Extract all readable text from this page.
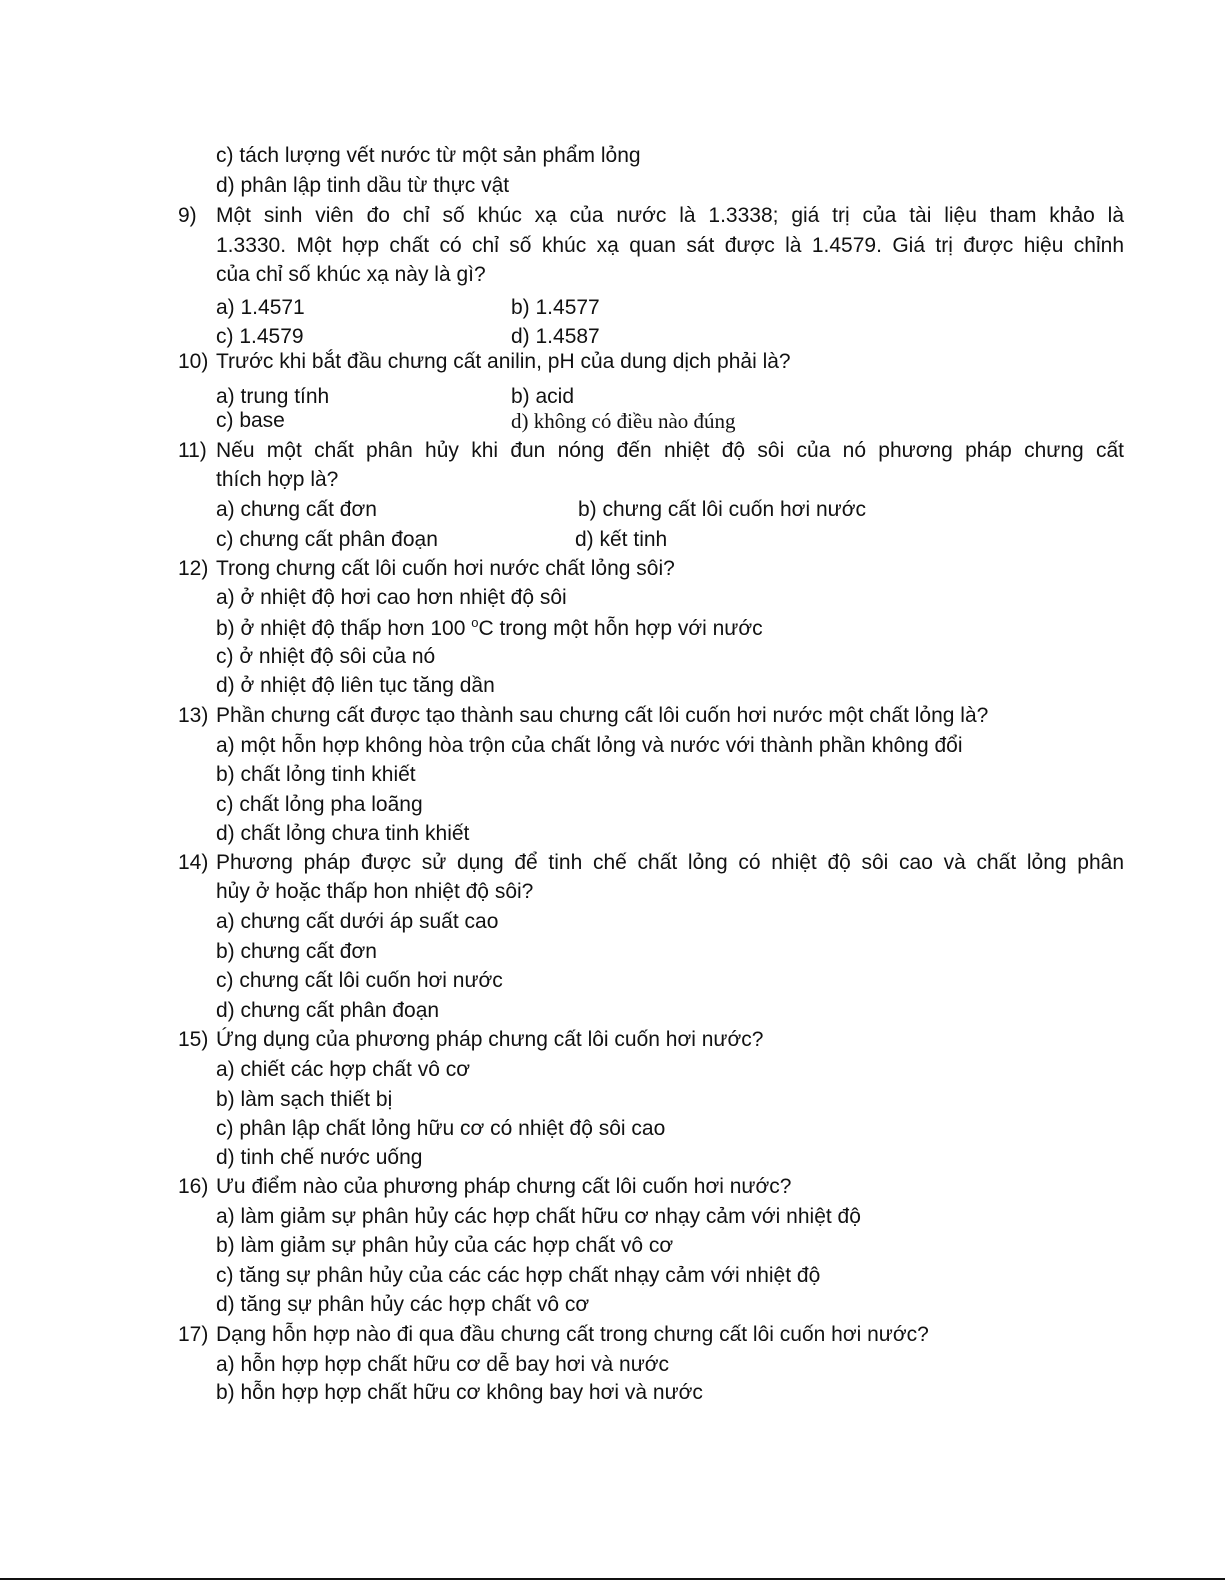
c) tách lượng vết nước từ một sản phẩm lỏng
d) phân lập tinh dầu từ thực vật
9) Một sinh viên đo chỉ số khúc xạ của nước là 1.3338; giá trị của tài liệu tham khảo là
1.3330. Một hợp chất có chỉ số khúc xạ quan sát được là 1.4579. Giá trị được hiệu chỉnh
của chỉ số khúc xạ này là gì?
a) 1.4571	b) 1.4577
c) 1.4579	d) 1.4587
10) Trước khi bắt đầu chưng cất anilin, pH của dung dịch phải là?
a) trung tính	b) acid
c) base	d) không có điều nào đúng
11) Nếu một chất phân hủy khi đun nóng đến nhiệt độ sôi của nó phương pháp chưng cất
thích hợp là?
a) chưng cất đơn	b) chưng cất lôi cuốn hơi nước
c) chưng cất phân đoạn	d) kết tinh
12) Trong chưng cất lôi cuốn hơi nước chất lỏng sôi?
a) ở nhiệt độ hơi cao hơn nhiệt độ sôi
b) ở nhiệt độ thấp hơn 100 $^o$C trong một hỗn hợp với nước
c) ở nhiệt độ sôi của nó
d) ở nhiệt độ liên tục tăng dần
13) Phần chưng cất được tạo thành sau chưng cất lôi cuốn hơi nước một chất lỏng là?
a) một hỗn hợp không hòa trộn của chất lỏng và nước với thành phần không đổi
b) chất lỏng tinh khiết
c) chất lỏng pha loãng
d) chất lỏng chưa tinh khiết
14) Phương pháp được sử dụng để tinh chế chất lỏng có nhiệt độ sôi cao và chất lỏng phân
hủy ở hoặc thấp hon nhiệt độ sôi?
a) chưng cất dưới áp suất cao
b) chưng cất đơn
c) chưng cất lôi cuốn hơi nước
d) chưng cất phân đoạn
15) Ứng dụng của phương pháp chưng cất lôi cuốn hơi nước?
a) chiết các hợp chất vô cơ
b) làm sạch thiết bị
c) phân lập chất lỏng hữu cơ có nhiệt độ sôi cao
d) tinh chế nước uống
16) Ưu điểm nào của phương pháp chưng cất lôi cuốn hơi nước?
a) làm giảm sự phân hủy các hợp chất hữu cơ nhạy cảm với nhiệt độ
b) làm giảm sự phân hủy của các hợp chất vô cơ
c) tăng sự phân hủy của các các hợp chất nhạy cảm với nhiệt độ
d) tăng sự phân hủy các hợp chất vô cơ
17) Dạng hỗn hợp nào đi qua đầu chưng cất trong chưng cất lôi cuốn hơi nước?
a) hỗn hợp hợp chất hữu cơ dễ bay hơi và nước
b) hỗn hợp hợp chất hữu cơ không bay hơi và nước
